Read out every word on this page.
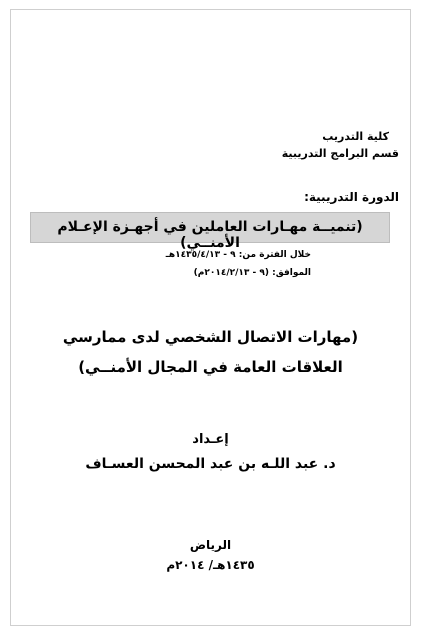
كلية التدريب
قسم البرامج التدريبية
الدورة التدريبية:
(تنميــة مهـارات العاملين في أجهـزة الإعـلام الأمنــي)
خلال الفترة من: ٩ - ١٤٣٥/٤/١٣هـ
الموافق: (٩ - ٢٠١٤/٢/١٣م)
(مهارات الاتصال الشخصي لدى ممارسي
العلاقات العامة في المجال الأمنــي)
إعـداد
د. عبد اللـه بن عبد المحسن العسـاف
الرياض
١٤٣٥هـ/ ٢٠١٤م
